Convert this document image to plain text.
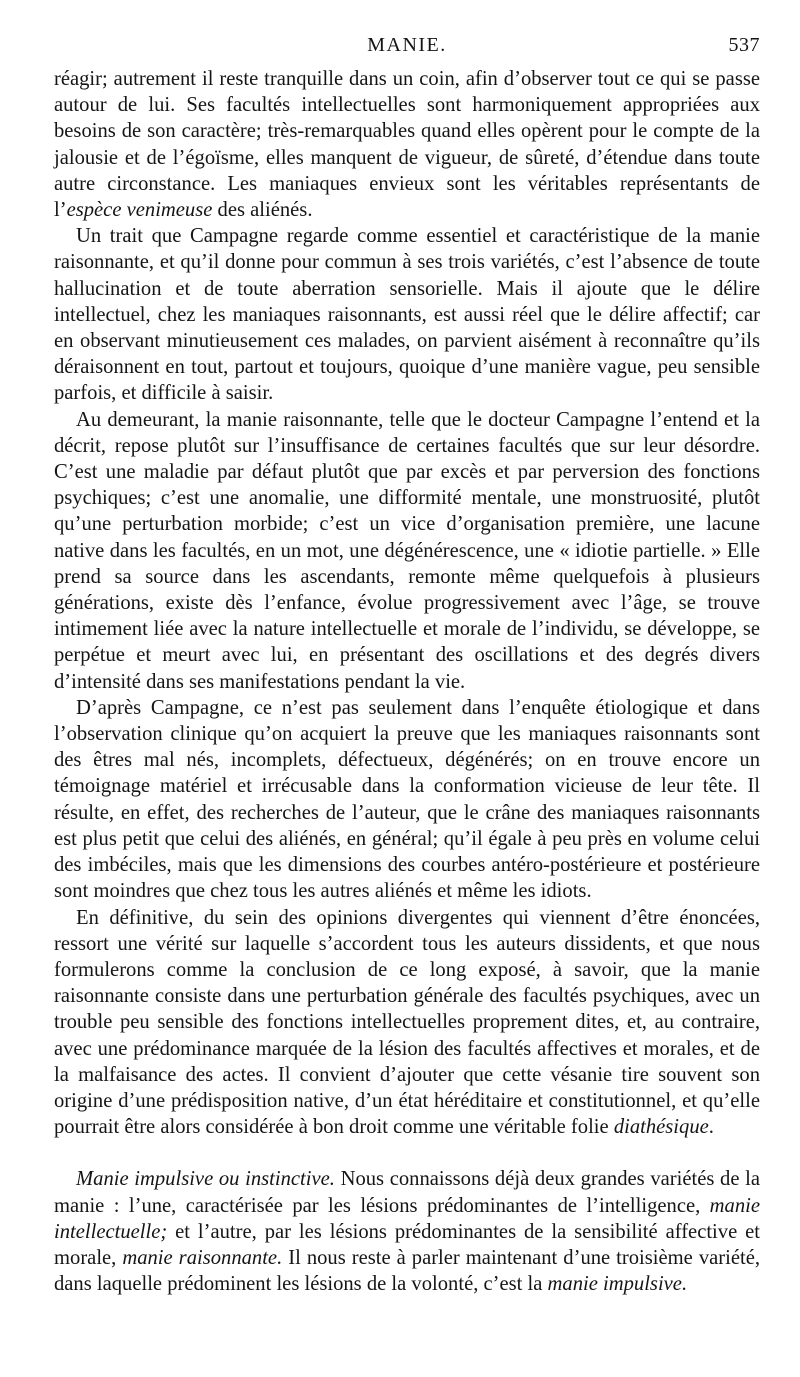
MANIE.	537

réagir; autrement il reste tranquille dans un coin, afin d’observer tout ce qui se passe autour de lui. Ses facultés intellectuelles sont harmoniquement appropriées aux besoins de son caractère; très-remarquables quand elles opèrent pour le compte de la jalousie et de l’égoïsme, elles manquent de vigueur, de sûreté, d’étendue dans toute autre circonstance. Les maniaques envieux sont les véritables représentants de l’espèce venimeuse des aliénés.

Un trait que Campagne regarde comme essentiel et caractéristique de la manie raisonnante, et qu’il donne pour commun à ses trois variétés, c’est l’absence de toute hallucination et de toute aberration sensorielle. Mais il ajoute que le délire intellectuel, chez les maniaques raisonnants, est aussi réel que le délire affectif; car en observant minutieusement ces malades, on parvient aisément à reconnaître qu’ils déraisonnent en tout, partout et toujours, quoique d’une manière vague, peu sensible parfois, et difficile à saisir.

Au demeurant, la manie raisonnante, telle que le docteur Campagne l’entend et la décrit, repose plutôt sur l’insuffisance de certaines facultés que sur leur désordre. C’est une maladie par défaut plutôt que par excès et par perversion des fonctions psychiques; c’est une anomalie, une difformité mentale, une monstruosité, plutôt qu’une perturbation morbide; c’est un vice d’organisation première, une lacune native dans les facultés, en un mot, une dégénérescence, une « idiotie partielle. » Elle prend sa source dans les ascendants, remonte même quelquefois à plusieurs générations, existe dès l’enfance, évolue progressivement avec l’âge, se trouve intimement liée avec la nature intellectuelle et morale de l’individu, se développe, se perpétue et meurt avec lui, en présentant des oscillations et des degrés divers d’intensité dans ses manifestations pendant la vie.

D’après Campagne, ce n’est pas seulement dans l’enquête étiologique et dans l’observation clinique qu’on acquiert la preuve que les maniaques raisonnants sont des êtres mal nés, incomplets, défectueux, dégénérés; on en trouve encore un témoignage matériel et irrécusable dans la conformation vicieuse de leur tête. Il résulte, en effet, des recherches de l’auteur, que le crâne des maniaques raisonnants est plus petit que celui des aliénés, en général; qu’il égale à peu près en volume celui des imbéciles, mais que les dimensions des courbes antéro-postérieure et postérieure sont moindres que chez tous les autres aliénés et même les idiots.

En définitive, du sein des opinions divergentes qui viennent d’être énoncées, ressort une vérité sur laquelle s’accordent tous les auteurs dissidents, et que nous formulerons comme la conclusion de ce long exposé, à savoir, que la manie raisonnante consiste dans une perturbation générale des facultés psychiques, avec un trouble peu sensible des fonctions intellectuelles proprement dites, et, au contraire, avec une prédominance marquée de la lésion des facultés affectives et morales, et de la malfaisance des actes. Il convient d’ajouter que cette vésanie tire souvent son origine d’une prédisposition native, d’un état héréditaire et constitutionnel, et qu’elle pourrait être alors considérée à bon droit comme une véritable folie diathésique.

Manie impulsive ou instinctive. Nous connaissons déjà deux grandes variétés de la manie : l’une, caractérisée par les lésions prédominantes de l’intelligence, manie intellectuelle; et l’autre, par les lésions prédominantes de la sensibilité affective et morale, manie raisonnante. Il nous reste à parler maintenant d’une troisième variété, dans laquelle prédominent les lésions de la volonté, c’est la manie impulsive.
